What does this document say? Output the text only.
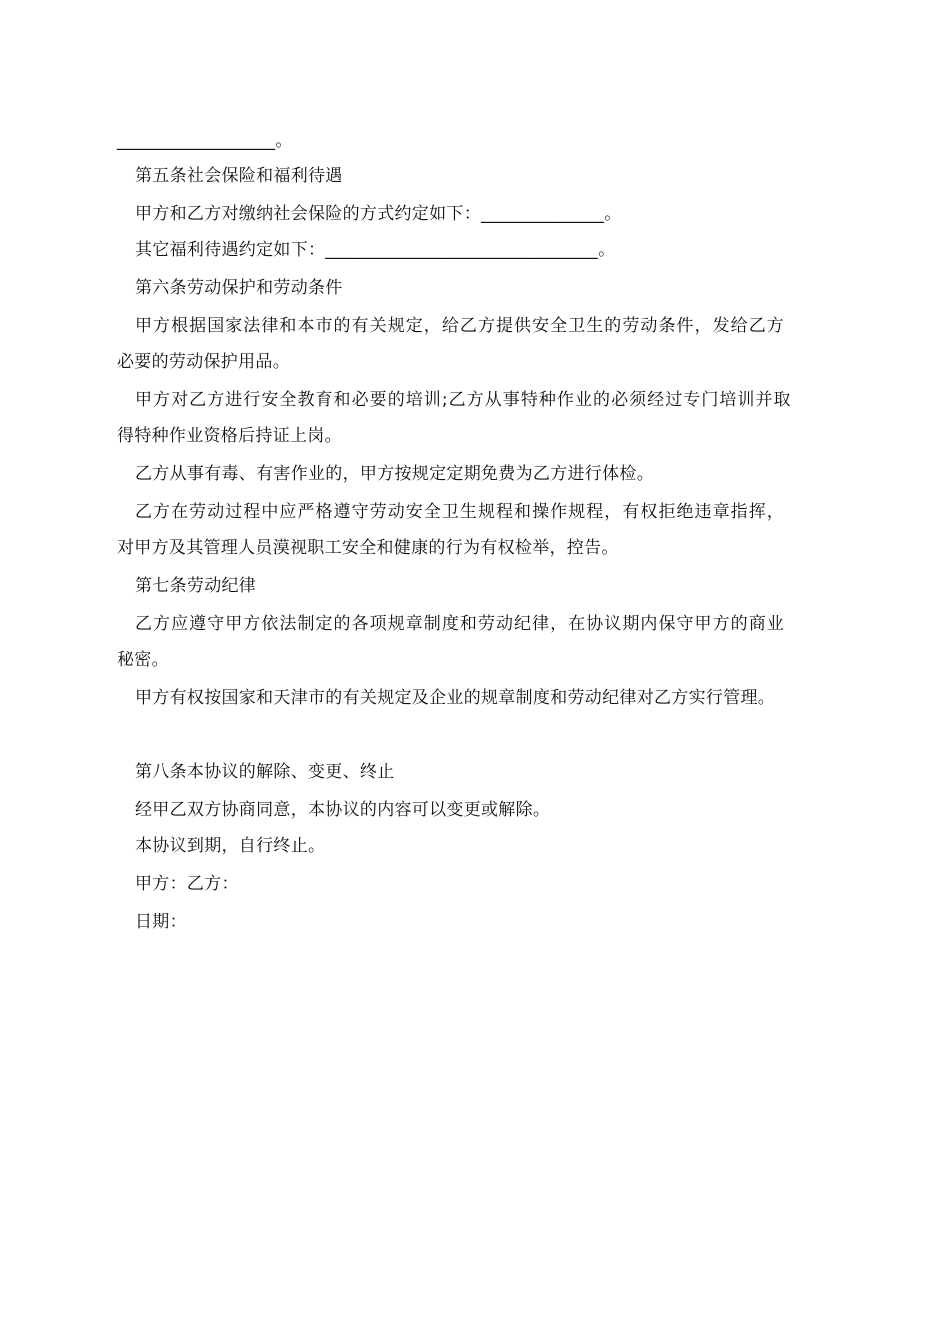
__________________。
第五条社会保险和福利待遇
甲方和乙方对缴纳社会保险的方式约定如下：______________。
其它福利待遇约定如下：_______________________________。
第六条劳动保护和劳动条件
甲方根据国家法律和本市的有关规定，给乙方提供安全卫生的劳动条件，发给乙方
必要的劳动保护用品。
甲方对乙方进行安全教育和必要的培训;乙方从事特种作业的必须经过专门培训并取
得特种作业资格后持证上岗。
乙方从事有毒、有害作业的，甲方按规定定期免费为乙方进行体检。
乙方在劳动过程中应严格遵守劳动安全卫生规程和操作规程，有权拒绝违章指挥，
对甲方及其管理人员漠视职工安全和健康的行为有权检举，控告。
第七条劳动纪律
乙方应遵守甲方依法制定的各项规章制度和劳动纪律，在协议期内保守甲方的商业
秘密。
甲方有权按国家和天津市的有关规定及企业的规章制度和劳动纪律对乙方实行管理。
第八条本协议的解除、变更、终止
经甲乙双方协商同意，本协议的内容可以变更或解除。
本协议到期，自行终止。
甲方：乙方：
日期：
